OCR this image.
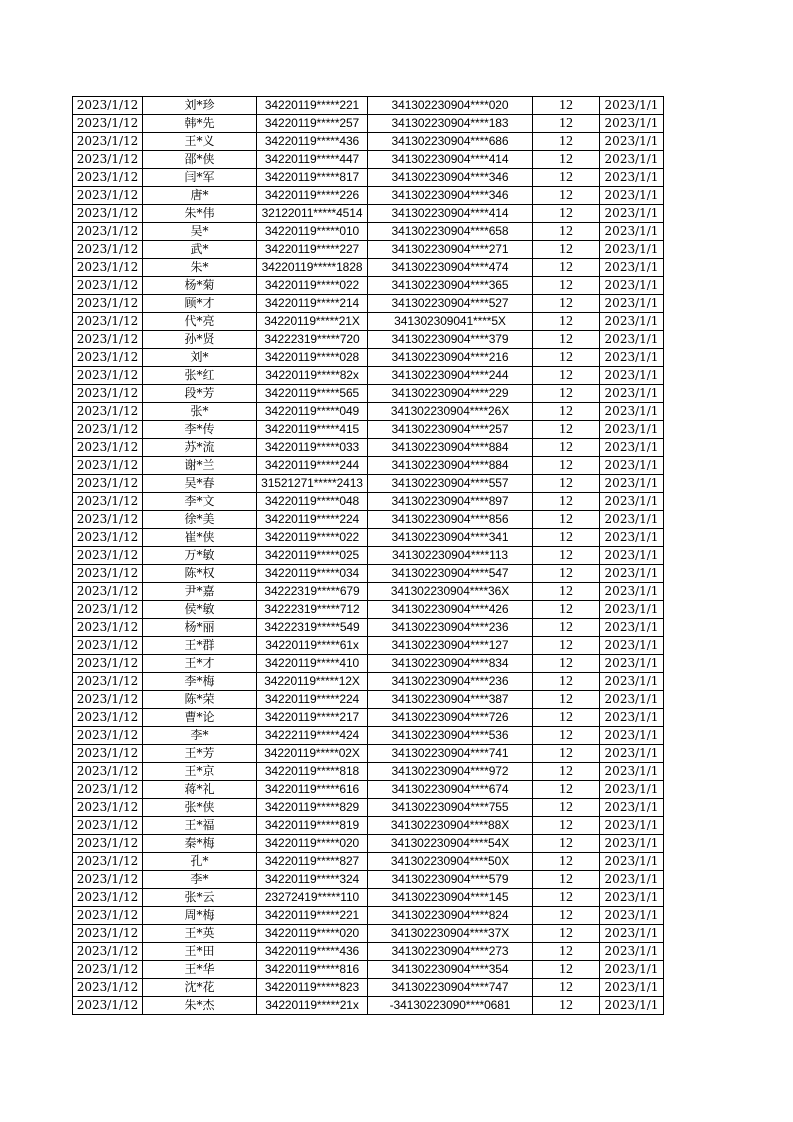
2023/1/12	刘*珍	34220119*****221	341302230904****020	12	2023/1/1
2023/1/12	韩*先	34220119*****257	341302230904****183	12	2023/1/1
2023/1/12	王*义	34220119*****436	341302230904****686	12	2023/1/1
2023/1/12	邵*侠	34220119*****447	341302230904****414	12	2023/1/1
2023/1/12	闫*军	34220119*****817	341302230904****346	12	2023/1/1
2023/1/12	唐*	34220119*****226	341302230904****346	12	2023/1/1
2023/1/12	朱*伟	32122011*****4514	341302230904****414	12	2023/1/1
2023/1/12	吴*	34220119*****010	341302230904****658	12	2023/1/1
2023/1/12	武*	34220119*****227	341302230904****271	12	2023/1/1
2023/1/12	朱*	34220119*****1828	341302230904****474	12	2023/1/1
2023/1/12	杨*菊	34220119*****022	341302230904****365	12	2023/1/1
2023/1/12	顾*才	34220119*****214	341302230904****527	12	2023/1/1
2023/1/12	代*亮	34220119*****21X	341302309041****5X	12	2023/1/1
2023/1/12	孙*贤	34222319*****720	341302230904****379	12	2023/1/1
2023/1/12	刘*	34220119*****028	341302230904****216	12	2023/1/1
2023/1/12	张*红	34220119*****82x	341302230904****244	12	2023/1/1
2023/1/12	段*芳	34220119*****565	341302230904****229	12	2023/1/1
2023/1/12	张*	34220119*****049	341302230904****26X	12	2023/1/1
2023/1/12	李*传	34220119*****415	341302230904****257	12	2023/1/1
2023/1/12	苏*流	34220119*****033	341302230904****884	12	2023/1/1
2023/1/12	谢*兰	34220119*****244	341302230904****884	12	2023/1/1
2023/1/12	吴*春	31521271*****2413	341302230904****557	12	2023/1/1
2023/1/12	李*文	34220119*****048	341302230904****897	12	2023/1/1
2023/1/12	徐*美	34220119*****224	341302230904****856	12	2023/1/1
2023/1/12	崔*侠	34220119*****022	341302230904****341	12	2023/1/1
2023/1/12	万*敏	34220119*****025	341302230904****113	12	2023/1/1
2023/1/12	陈*权	34220119*****034	341302230904****547	12	2023/1/1
2023/1/12	尹*嘉	34222319*****679	341302230904****36X	12	2023/1/1
2023/1/12	侯*敏	34222319*****712	341302230904****426	12	2023/1/1
2023/1/12	杨*丽	34222319*****549	341302230904****236	12	2023/1/1
2023/1/12	王*群	34220119*****61x	341302230904****127	12	2023/1/1
2023/1/12	王*才	34220119*****410	341302230904****834	12	2023/1/1
2023/1/12	李*梅	34220119*****12X	341302230904****236	12	2023/1/1
2023/1/12	陈*荣	34220119*****224	341302230904****387	12	2023/1/1
2023/1/12	曹*论	34220119*****217	341302230904****726	12	2023/1/1
2023/1/12	李*	34222119*****424	341302230904****536	12	2023/1/1
2023/1/12	王*芳	34220119*****02X	341302230904****741	12	2023/1/1
2023/1/12	王*京	34220119*****818	341302230904****972	12	2023/1/1
2023/1/12	蒋*礼	34220119*****616	341302230904****674	12	2023/1/1
2023/1/12	张*侠	34220119*****829	341302230904****755	12	2023/1/1
2023/1/12	王*福	34220119*****819	341302230904****88X	12	2023/1/1
2023/1/12	秦*梅	34220119*****020	341302230904****54X	12	2023/1/1
2023/1/12	孔*	34220119*****827	341302230904****50X	12	2023/1/1
2023/1/12	李*	34220119*****324	341302230904****579	12	2023/1/1
2023/1/12	张*云	23272419*****110	341302230904****145	12	2023/1/1
2023/1/12	周*梅	34220119*****221	341302230904****824	12	2023/1/1
2023/1/12	王*英	34220119*****020	341302230904****37X	12	2023/1/1
2023/1/12	王*田	34220119*****436	341302230904****273	12	2023/1/1
2023/1/12	王*华	34220119*****816	341302230904****354	12	2023/1/1
2023/1/12	沈*花	34220119*****823	341302230904****747	12	2023/1/1
2023/1/12	朱*杰	34220119*****21x	-34130223090****0681	12	2023/1/1
